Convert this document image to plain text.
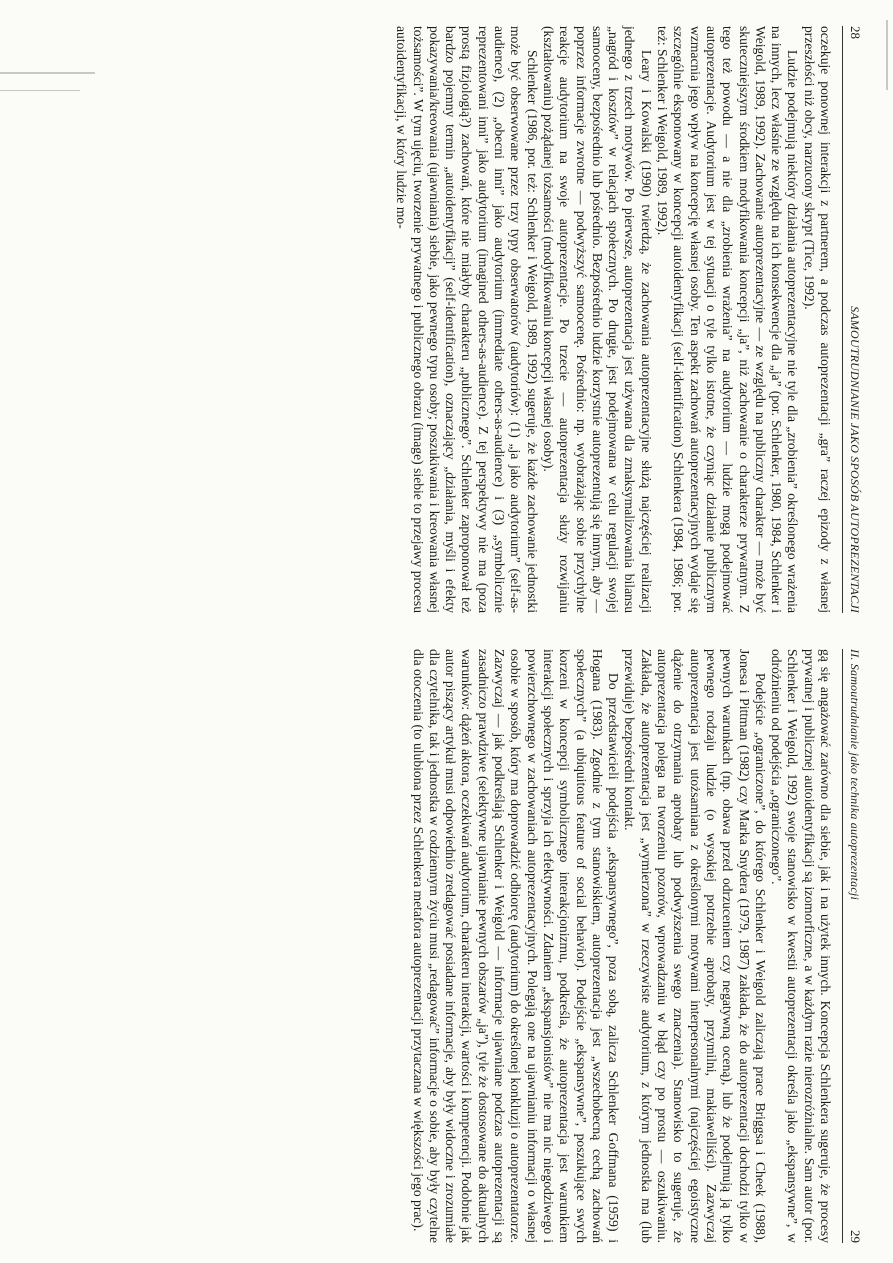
28
SAMOUTRUDNIANIE JAKO SPOSÓB AUTOPREZENTACJI

oczekuje ponownej interakcji z partnerem, a podczas autoprezentacji „gra” raczej epizody z własnej przeszłości niż obcy, narzucony skrypt (Tice, 1992).

Ludzie podejmują niektóry działania autoprezentacyjne nie tyle dla „zrobienia” określonego wrażenia na innych, lecz właśnie ze względu na ich konsekwencje dla „ja” (por. Schlenker, 1980, 1984, Schlenker i Weigold, 1989, 1992). Zachowanie autoprezentacyjne — ze względu na publiczny charakter — może być skuteczniejszym środkiem modyfikowania koncepcji „ja”, niż zachowanie o charakterze prywatnym. Z tego też powodu — a nie dla „zrobienia wrażenia” na audytorium — ludzie mogą podejmować autoprezentacje. Audytorium jest w tej sytuacji o tyle tylko istotne, że czyniąc działanie publicznym wzmacnia jego wpływ na koncepcję własnej osoby. Ten aspekt zachowań autoprezentacyjnych wydaje się szczególnie eksponowany w koncepcji autoidentyfikacji (self-identification) Schlenkera (1984, 1986; por. też: Schlenker i Weigold, 1989, 1992).

Leary i Kowalski (1990) twierdzą, że zachowania autoprezentacyjne służą najczęściej realizacji jednego z trzech motywów. Po pierwsze, autoprezentacja jest używana dla zmaksymalizowania bilansu „nagród i kosztów” w relacjach społecznych. Po drugie, jest podejmowana w celu regulacji swojej samooceny, bezpośrednio lub pośrednio. Bezpośrednio ludzie korzystnie autoprezentują się innym, aby — poprzez informacje zwrotne — podwyższyć samoocenę. Pośrednio: np. wyobrażając sobie przychylne reakcje audytorium na swoje autoprezentacje. Po trzecie — autoprezentacja służy rozwijaniu (kształtowaniu) pożądanej tożsamości (modyfikowaniu koncepcji własnej osoby).

Schlenker (1986, por. też: Schlenker i Weigold, 1989, 1992) sugeruje, że każde zachowanie jednostki może być obserwowane przez trzy typy obserwatorów (audytoriów): (1) „ja jako audytorium” (self-as-audience), (2) „obecni inni” jako audytorium (immediate others-as-audience) i (3) „symbolicznie reprezentowani inni” jako audytorium (imagined others-as-audience). Z tej perspektywy nie ma (poza prostą fizjologią?) zachowań, które nie miałyby charakteru „publicznego”. Schlenker zaproponował też bardzo pojemny termin „autoidentyfikacji” (self-identification), oznaczający „działania, myśli i efekty pokazywania/kreowania (ujawniania) siebie, jako pewnego typu osoby; poszukiwania i kreowania własnej tożsamości”. W tym ujęciu, tworzenie prywatnego i publicznego obrazu (image) siebie to przejawy procesu autoidentyfikacji, w który ludzie mo-

II. Samoutrudnianie jako technika autoprezentacji
29

gą się angażować zarówno dla siebie, jak i na użytek innych. Koncepcja Schlenkera sugeruje, że procesy prywatnej i publicznej autoidentyfikacji są izomorficzne, a w każdym razie nierozróżnialne. Sam autor (por. Schlenker i Weigold, 1992) swoje stanowisko w kwestii autoprezentacji określa jako „ekspansywne”, w odróżnieniu od podejścia „ograniczonego”.

Podejście „ograniczone”, do którego Schlenker i Weigold zaliczają prace Briggsa i Cheek (1988), Jonesa i Pittman (1982) czy Marka Snydera (1979, 1987) zakłada, że do autoprezentacji dochodzi tylko w pewnych warunkach (np. obawa przed odrzuceniem czy negatywną oceną), lub że podejmują ją tylko pewnego rodzaju ludzie (o wysokiej potrzebie aprobaty, przymilni, makiawelliści). Zazwyczaj autoprezentacja jest utożsamiana z określonymi motywami interpersonalnymi (najczęściej egoistyczne dążenie do otrzymania aprobaty lub podwyższenia swego znaczenia). Stanowisko to sugeruje, że autoprezentacja polega na tworzeniu pozorów, wprowadzaniu w błąd czy po prostu — oszukiwaniu. Zakłada, że autoprezentacja jest „wymierzona” w rzeczywiste audytorium, z którym jednostka ma (lub przewiduje) bezpośredni kontakt.

Do przedstawicieli podejścia „ekspansywnego”, poza sobą, zalicza Schlenker Goffmana (1959) i Hogana (1983). Zgodnie z tym stanowiskiem, autoprezentacja jest „wszechobecną cechą zachowań społecznych” (a ubiquitous feature of social behavior). Podejście „ekspansywne”, poszukujące swych korzeni w koncepcji symbolicznego interakcjonizmu, podkreśla, że autoprezentacja jest warunkiem interakcji społecznych i sprzyja ich efektywności. Zdaniem „ekspansjonistów” nie ma nic niegodziwego i powierzchownego w zachowaniach autoprezentacyjnych. Polegają one na ujawnianiu informacji o własnej osobie w sposób, który ma doprowadzić odbiorcę (audytorium) do określonej konkluzji o autoprezentatorze. Zazwyczaj — jak podkreślają Schlenker i Weigold — informacje ujawniane podczas autoprezentacji są zasadniczo prawdziwe (selektywne ujawnianie pewnych obszarów „ja”), tyle że dostosowane do aktualnych warunków: dążeń aktora, oczekiwań audytorium, charakteru interakcji, wartości i kompetencji. Podobnie jak autor piszący artykuł musi odpowiednio zredagować posiadane informacje, aby były widoczne i zrozumiałe dla czytelnika, tak i jednostka w codziennym życiu musi „redagować” informacje o sobie, aby były czytelne dla otoczenia (to ulubiona przez Schlenkera metafora autoprezentacji przytaczana w większości jego prac).
